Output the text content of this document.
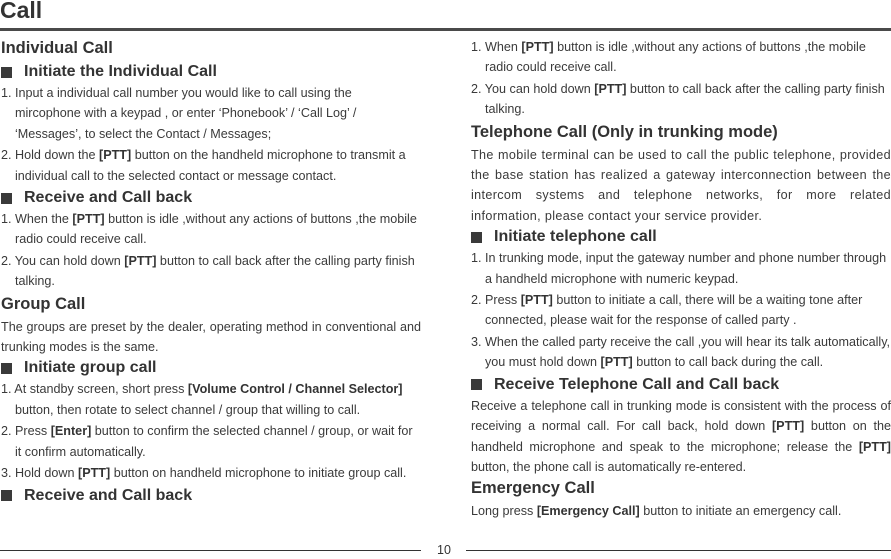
Call
Individual Call
Initiate the Individual Call
1. Input a individual call number you would like to call using the mircophone with a keypad , or enter ‘Phonebook’ / ‘Call Log’ / ‘Messages’, to select the Contact / Messages;
2. Hold down the [PTT] button on the handheld microphone to transmit a individual call to the selected contact or message contact.
Receive and Call back
1. When the [PTT] button is idle ,without any actions of buttons ,the mobile radio could receive call.
2. You can hold down [PTT] button to call back after the calling party finish talking.
Group Call
The groups are preset by the dealer, operating method in conventional and trunking modes is the same.
Initiate group call
1. At standby screen, short press [Volume Control / Channel Selector] button, then rotate to select channel / group that willing to call.
2. Press [Enter] button to confirm the selected channel / group, or wait for it confirm automatically.
3. Hold down [PTT] button on handheld microphone to initiate group call.
Receive and Call back
1. When [PTT] button is idle ,without any actions of buttons ,the mobile radio could receive call.
2. You can hold down [PTT] button to call back after the calling party finish talking.
Telephone Call (Only in trunking mode)
The mobile terminal can be used to call the public telephone, provided the base station has realized a gateway interconnection between the intercom systems and telephone networks, for more related information, please contact your service provider.
Initiate telephone call
1. In trunking mode, input the gateway number and phone number through a handheld microphone with numeric keypad.
2. Press [PTT] button to initiate a call, there will be a waiting tone after connected, please wait for the response of called party .
3. When the called party receive the call ,you will hear its talk automatically, you must hold down [PTT] button to call back during the call.
Receive Telephone Call and Call back
Receive a telephone call in trunking mode is consistent with the process of receiving a normal call. For call back, hold down [PTT] button on the handheld microphone and speak to the microphone; release the [PTT] button, the phone call is automatically re-entered.
Emergency Call
Long press [Emergency Call] button to initiate an emergency call.
10
